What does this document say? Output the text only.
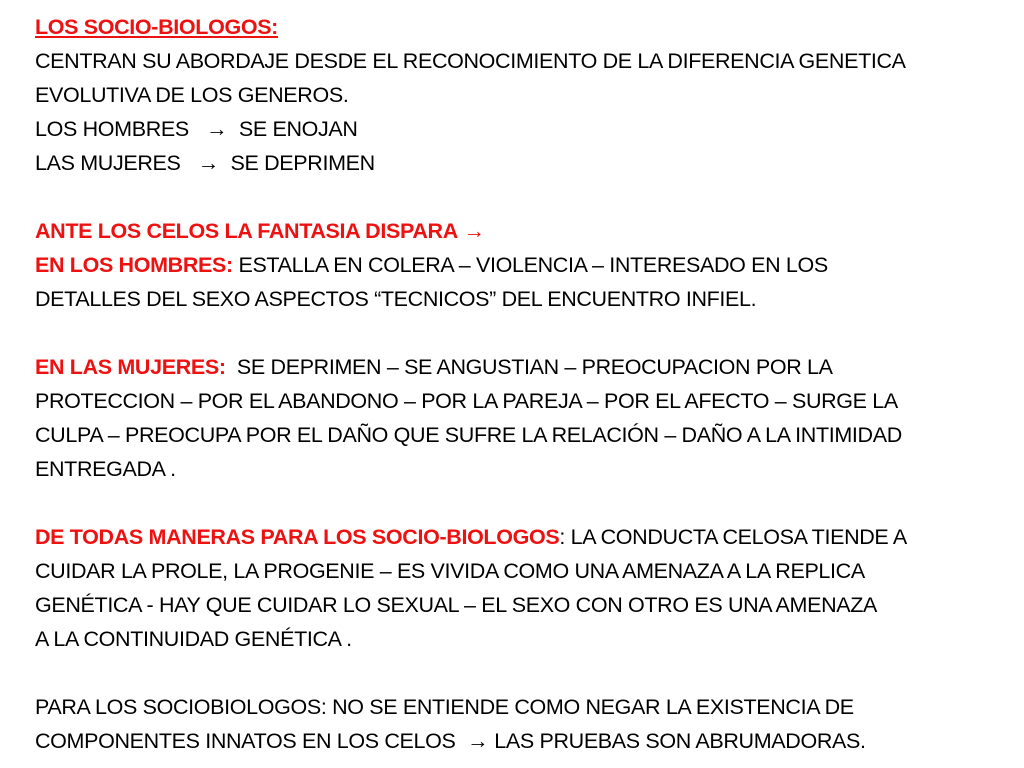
LOS SOCIO-BIOLOGOS:
CENTRAN SU ABORDAJE DESDE EL RECONOCIMIENTO DE LA DIFERENCIA GENETICA
EVOLUTIVA DE LOS GENEROS.
LOS HOMBRES → SE ENOJAN
LAS MUJERES → SE DEPRIMEN
ANTE LOS CELOS LA FANTASIA DISPARA →
EN LOS HOMBRES: ESTALLA EN COLERA – VIOLENCIA – INTERESADO EN LOS
DETALLES DEL SEXO ASPECTOS “TECNICOS” DEL ENCUENTRO INFIEL.
EN LAS MUJERES: SE DEPRIMEN – SE ANGUSTIAN – PREOCUPACION POR LA
PROTECCION – POR EL ABANDONO – POR LA PAREJA – POR EL AFECTO – SURGE LA
CULPA – PREOCUPA POR EL DAÑO QUE SUFRE LA RELACIÓN – DAÑO A LA INTIMIDAD
ENTREGADA .
DE TODAS MANERAS PARA LOS SOCIO-BIOLOGOS: LA CONDUCTA CELOSA TIENDE A
CUIDAR LA PROLE, LA PROGENIE – ES VIVIDA COMO UNA AMENAZA A LA REPLICA
GENÉTICA - HAY QUE CUIDAR LO SEXUAL – EL SEXO CON OTRO ES UNA AMENAZA
A LA CONTINUIDAD GENÉTICA .
PARA LOS SOCIOBIOLOGOS: NO SE ENTIENDE COMO NEGAR LA EXISTENCIA DE
COMPONENTES INNATOS EN LOS CELOS → LAS PRUEBAS SON ABRUMADORAS.
